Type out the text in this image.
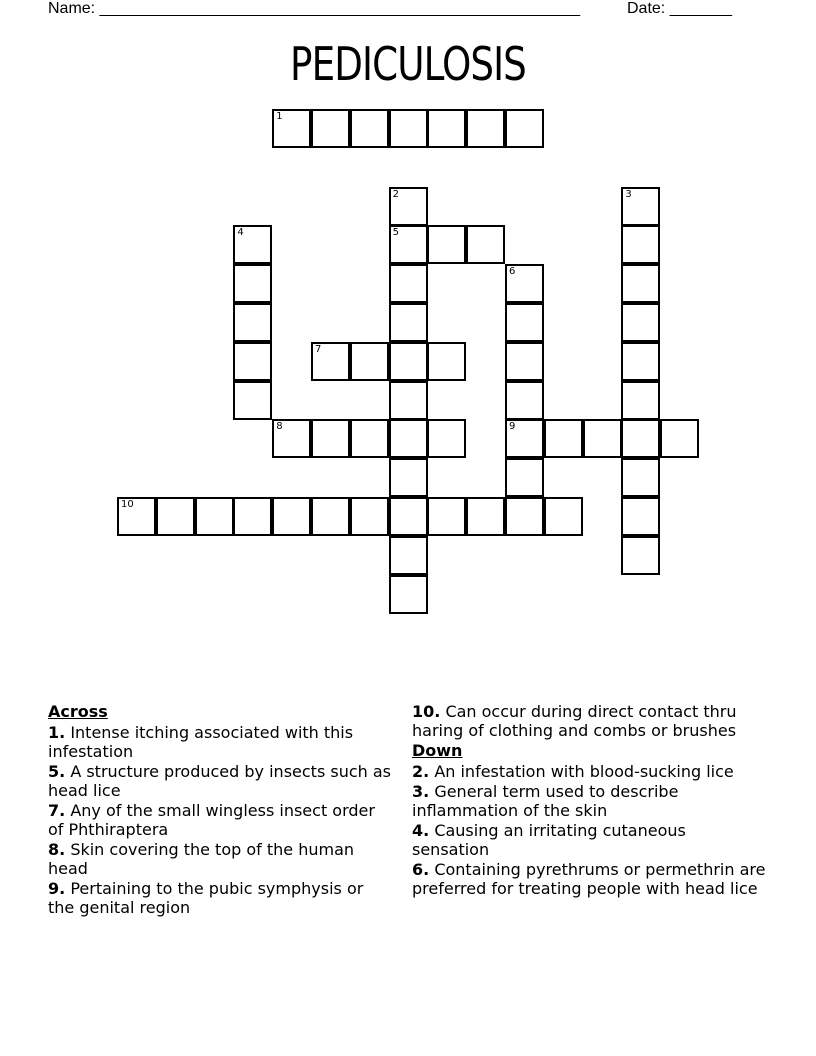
Name: ______________________________________________________	Date: _______
PEDICULOSIS
1
2	3
4	5
6
7
8	9
10
Across
1. Intense itching associated with this infestation
5. A structure produced by insects such as head lice
7. Any of the small wingless insect order of Phthiraptera
8. Skin covering the top of the human head
9. Pertaining to the pubic symphysis or the genital region
10. Can occur during direct contact thru haring of clothing and combs or brushes
Down
2. An infestation with blood-sucking lice
3. General term used to describe inflammation of the skin
4. Causing an irritating cutaneous sensation
6. Containing pyrethrums or permethrin are preferred for treating people with head lice
